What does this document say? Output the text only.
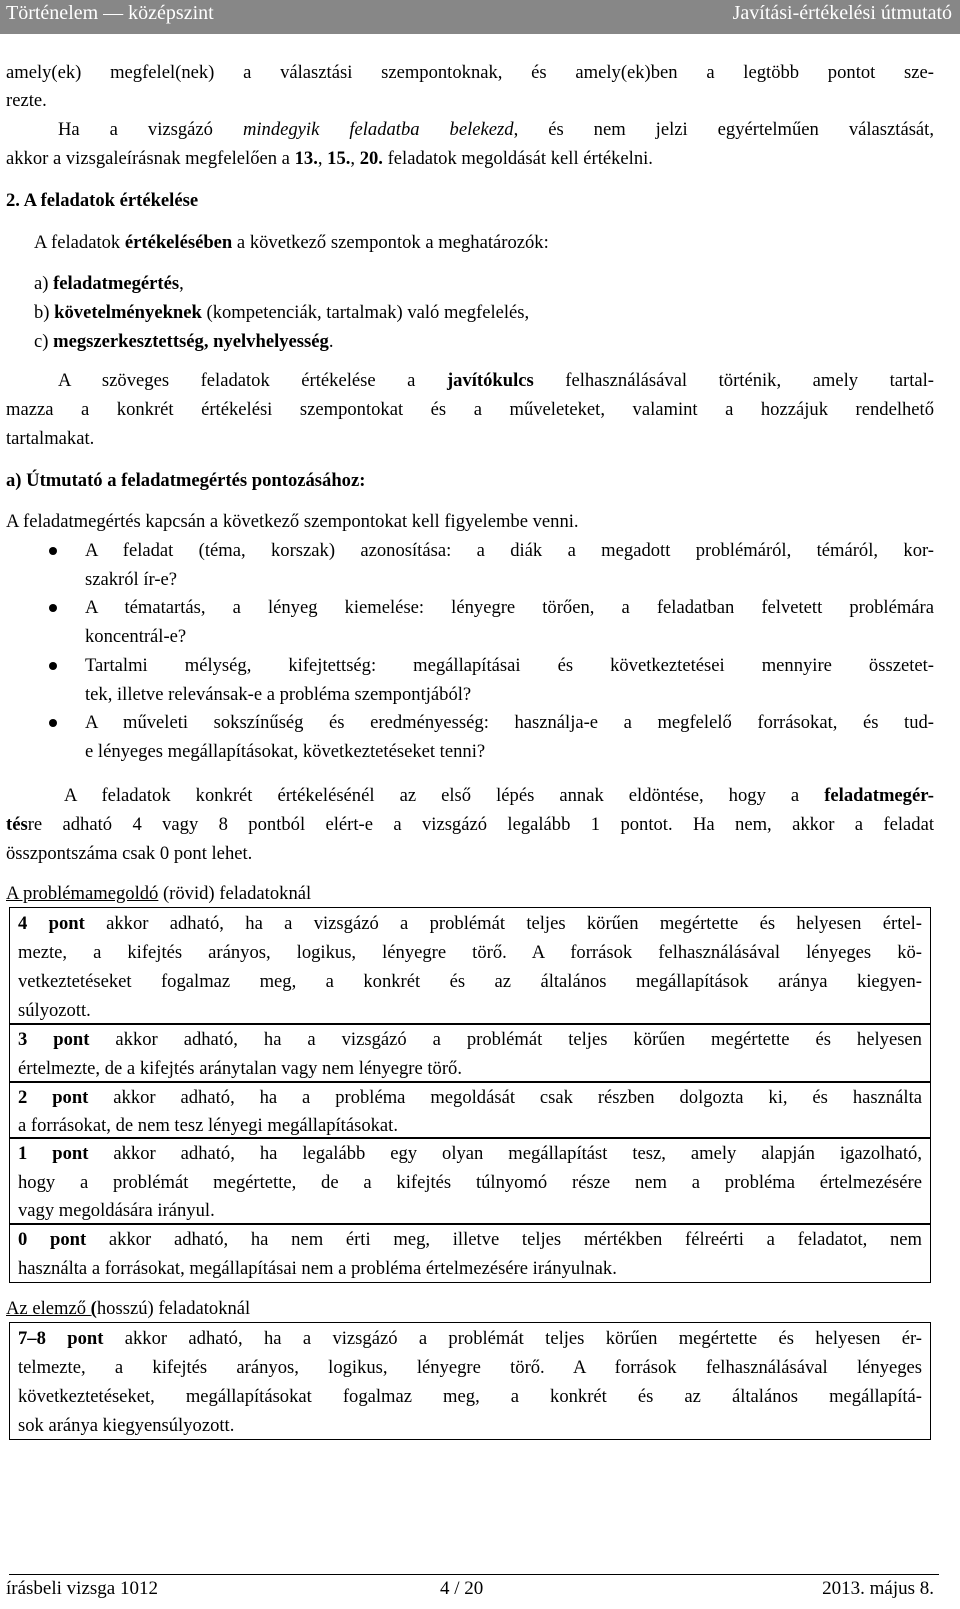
Történelem — középszint	Javítási-értékelési útmutató

amely(ek) megfelel(nek) a választási szempontoknak, és amely(ek)ben a legtöbb pontot sze-

rezte.

Ha a vizsgázó mindegyik feladatba belekezd, és nem jelzi egyértelműen választását,

akkor a vizsgaleírásnak megfelelően a 13., 15., 20. feladatok megoldását kell értékelni.

2. A feladatok értékelése

A feladatok értékelésében a következő szempontok a meghatározók:

a) feladatmegértés,

b) követelményeknek (kompetenciák, tartalmak) való megfelelés,

c) megszerkesztettség, nyelvhelyesség.

A szöveges feladatok értékelése a javítókulcs felhasználásával történik, amely tartal-

mazza a konkrét értékelési szempontokat és a műveleteket, valamint a hozzájuk rendelhető

tartalmakat.

a) Útmutató a feladatmegértés pontozásához:

A feladatmegértés kapcsán a következő szempontokat kell figyelembe venni.

A feladat (téma, korszak) azonosítása: a diák a megadott problémáról, témáról, kor-

szakról ír-e?

A tématartás, a lényeg kiemelése: lényegre törően, a feladatban felvetett problémára

koncentrál-e?

Tartalmi mélység, kifejtettség: megállapításai és következtetései mennyire összetet-

tek, illetve relevánsak-e a probléma szempontjából?

A műveleti sokszínűség és eredményesség: használja-e a megfelelő forrásokat, és tud-

e lényeges megállapításokat, következtetéseket tenni?

A feladatok konkrét értékelésénél az első lépés annak eldöntése, hogy a feladatmegér-

tésre adható 4 vagy 8 pontból elért-e a vizsgázó legalább 1 pontot. Ha nem, akkor a feladat

összpontszáma csak 0 pont lehet.

A problémamegoldó (rövid) feladatoknál

4 pont akkor adható, ha a vizsgázó a problémát teljes körűen megértette és helyesen értel-

mezte, a kifejtés arányos, logikus, lényegre törő. A források felhasználásával lényeges kö-

vetkeztetéseket fogalmaz meg, a konkrét és az általános megállapítások aránya kiegyen-

súlyozott.

3 pont akkor adható, ha a vizsgázó a problémát teljes körűen megértette és helyesen

értelmezte, de a kifejtés aránytalan vagy nem lényegre törő.

2 pont akkor adható, ha a probléma megoldását csak részben dolgozta ki, és használta

a forrásokat, de nem tesz lényegi megállapításokat.

1 pont akkor adható, ha legalább egy olyan megállapítást tesz, amely alapján igazolható,

hogy a problémát megértette, de a kifejtés túlnyomó része nem a probléma értelmezésére

vagy megoldására irányul.

0 pont akkor adható, ha nem érti meg, illetve teljes mértékben félreérti a feladatot, nem

használta a forrásokat, megállapításai nem a probléma értelmezésére irányulnak.

Az elemző (hosszú) feladatoknál

7–8 pont akkor adható, ha a vizsgázó a problémát teljes körűen megértette és helyesen ér-

telmezte, a kifejtés arányos, logikus, lényegre törő. A források felhasználásával lényeges

következtetéseket, megállapításokat fogalmaz meg, a konkrét és az általános megállapítá-

sok aránya kiegyensúlyozott.

írásbeli vizsga 1012	4 / 20	2013. május 8.
